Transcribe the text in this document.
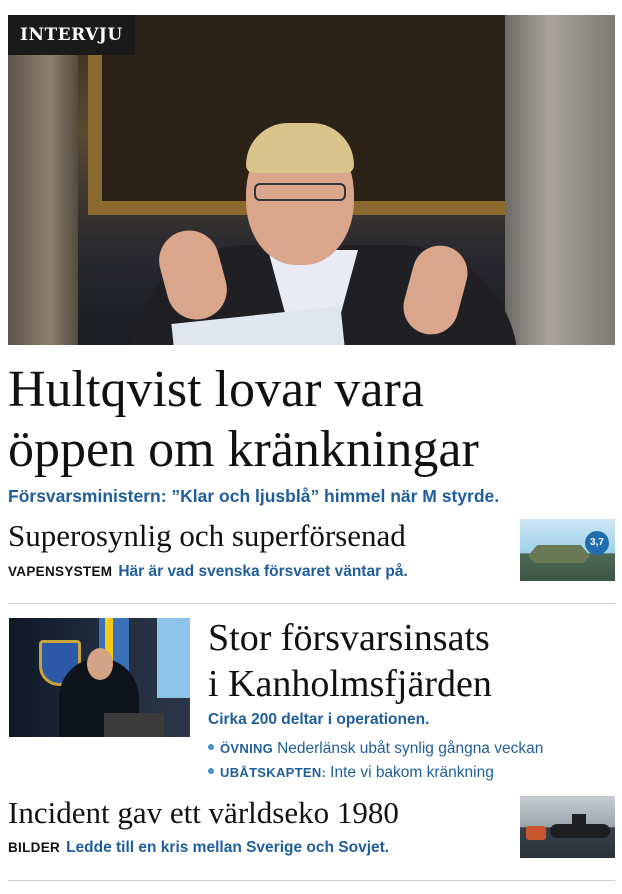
INTERVJU
Hultqvist lovar vara
öppen om kränkningar
Försvarsministern: ”Klar och ljusblå” himmel när M styrde.
Superosynlig och superförsenad
VAPENSYSTEM Här är vad svenska försvaret väntar på.
3,7
Stor försvarsinsats
i Kanholmsfjärden
Cirka 200 deltar i operationen.
ÖVNING Nederlänsk ubåt synlig gångna veckan
UBÅTSKAPTEN: Inte vi bakom kränkning
Incident gav ett världseko 1980
BILDER Ledde till en kris mellan Sverige och Sovjet.
